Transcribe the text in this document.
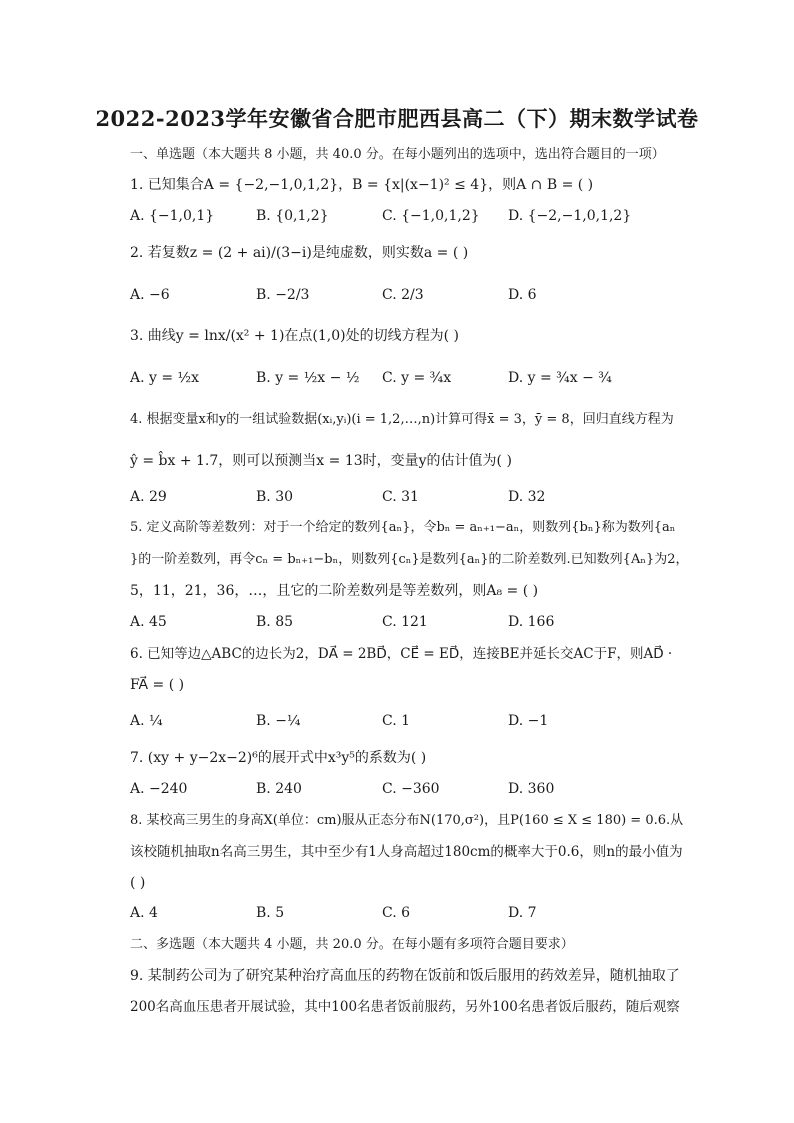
2022-2023学年安徽省合肥市肥西县高二（下）期末数学试卷
一、单选题（本大题共 8 小题，共 40.0 分。在每小题列出的选项中，选出符合题目的一项）
1. 已知集合A = {−2,−1,0,1,2}，B = {x|(x−1)² ≤ 4}，则A ∩ B = ( )
A. {−1,0,1}	B. {0,1,2}	C. {−1,0,1,2} D. {−2,−1,0,1,2}
2. 若复数z = (2 + ai)/(3−i)是纯虚数，则实数a = ( )
A. −6	B. −2/3	C. 2/3	D. 6
3. 曲线y = lnx/(x² + 1)在点(1,0)处的切线方程为( )
A. y = ½x	B. y = ½x − ½ C. y = ¾x	D. y = ¾x − ¾
4. 根据变量x和y的一组试验数据(xᵢ,yᵢ)(i = 1,2,…,n)计算可得x̄ = 3，ȳ = 8，回归直线方程为
ŷ = b̂x + 1.7，则可以预测当x = 13时，变量y的估计值为( )
A. 29	B. 30	C. 31	D. 32
5. 定义高阶等差数列：对于一个给定的数列{aₙ}，令bₙ = aₙ₊₁−aₙ，则数列{bₙ}称为数列{aₙ
}的一阶差数列，再令cₙ = bₙ₊₁−bₙ，则数列{cₙ}是数列{aₙ}的二阶差数列.已知数列{Aₙ}为2，
5，11，21，36，…，且它的二阶差数列是等差数列，则A₈ = ( )
A. 45	B. 85	C. 121	D. 166
6. 已知等边△ABC的边长为2，DA⃗ = 2BD⃗，CE⃗ = ED⃗，连接BE并延长交AC于F，则AD⃗ ·
FA⃗ = ( )
A. ¼	B. −¼	C. 1	D. −1
7. (xy + y−2x−2)⁶的展开式中x³y⁵的系数为( )
A. −240	B. 240	C. −360	D. 360
8. 某校高三男生的身高X(单位：cm)服从正态分布N(170,σ²)，且P(160 ≤ X ≤ 180) = 0.6.从
该校随机抽取n名高三男生，其中至少有1人身高超过180cm的概率大于0.6，则n的最小值为
( )
A. 4	B. 5	C. 6	D. 7
二、多选题（本大题共 4 小题，共 20.0 分。在每小题有多项符合题目要求）
9. 某制药公司为了研究某种治疗高血压的药物在饭前和饭后服用的药效差异，随机抽取了
200名高血压患者开展试验，其中100名患者饭前服药，另外100名患者饭后服药，随后观察
